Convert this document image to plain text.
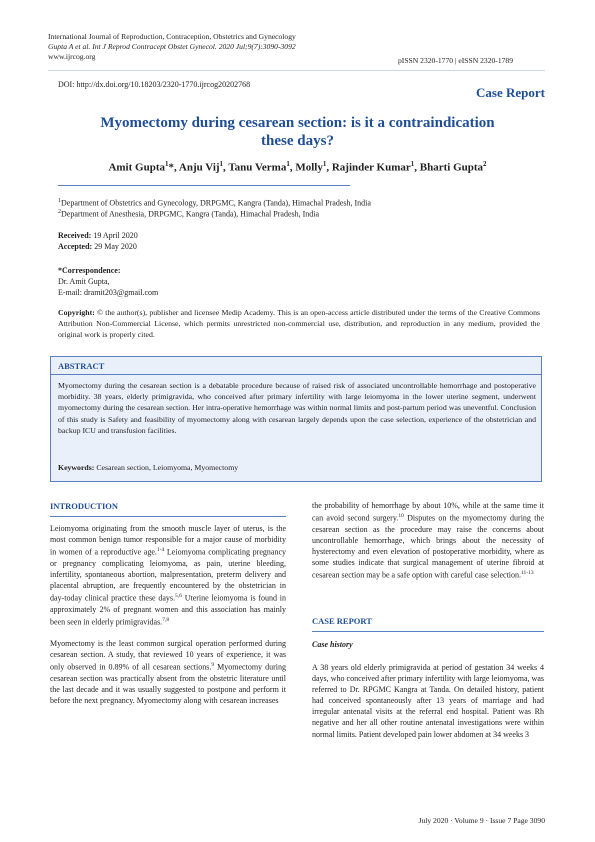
International Journal of Reproduction, Contraception, Obstetrics and Gynecology
Gupta A et al. Int J Reprod Contracept Obstet Gynecol. 2020 Jul;9(7):3090-3092
www.ijrcog.org	pISSN 2320-1770 | eISSN 2320-1789
DOI: http://dx.doi.org/10.18203/2320-1770.ijrcog20202768
Case Report
Myomectomy during cesarean section: is it a contraindication
these days?
Amit Gupta$^1$*, Anju Vij$^1$, Tanu Verma$^1$, Molly$^1$, Rajinder Kumar$^1$, Bharti Gupta$^2$
$^1$Department of Obstetrics and Gynecology, DRPGMC, Kangra (Tanda), Himachal Pradesh, India
$^2$Department of Anesthesia, DRPGMC, Kangra (Tanda), Himachal Pradesh, India
Received: 19 April 2020
Accepted: 29 May 2020
*Correspondence:
Dr. Amit Gupta,
E-mail: dramit203@gmail.com
Copyright: © the author(s), publisher and licensee Medip Academy. This is an open-access article distributed under the terms of the Creative Commons Attribution Non-Commercial License, which permits unrestricted non-commercial use, distribution, and reproduction in any medium, provided the original work is properly cited.
ABSTRACT
Myomectomy during the cesarean section is a debatable procedure because of raised risk of associated uncontrollable hemorrhage and postoperative morbidity. 38 years, elderly primigravida, who conceived after primary infertility with large leiomyoma in the lower uterine segment, underwent myomectomy during the cesarean section. Her intra-operative hemorrhage was within normal limits and post-partum period was uneventful. Conclusion of this study is Safety and feasibility of myomectomy along with cesarean largely depends upon the case selection, experience of the obstetrician and backup ICU and transfusion facilities.
Keywords: Cesarean section, Leiomyoma, Myomectomy
INTRODUCTION

Leiomyoma originating from the smooth muscle layer of uterus, is the most common benign tumor responsible for a major cause of morbidity in women of a reproductive age.$^{1-4}$ Leiomyoma complicating pregnancy or pregnancy complicating leiomyoma, as pain, uterine bleeding, infertility, spontaneous abortion, malpresentation, preterm delivery and placental abruption, are frequently encountered by the obstetrician in day-today clinical practice these days.$^{5,6}$ Uterine leiomyoma is found in approximately 2% of pregnant women and this association has mainly been seen in elderly primigravidas.$^{7,8}$

Myomectomy is the least common surgical operation performed during cesarean section. A study, that reviewed 10 years of experience, it was only observed in 0.89% of all cesarean sections.$^9$ Myomectomy during cesarean section was practically absent from the obstetric literature until the last decade and it was usually suggested to postpone and perform it before the next pregnancy. Myomectomy along with cesarean increases

the probability of hemorrhage by about 10%, while at the same time it can avoid second surgery.$^{10}$ Disputes on the myomectomy during the cesarean section as the procedure may raise the concerns about uncontrollable hemorrhage, which brings about the necessity of hysterectomy and even elevation of postoperative morbidity, where as some studies indicate that surgical management of uterine fibroid at cesarean section may be a safe option with careful case selection.$^{11-13}$

CASE REPORT
Case history
A 38 years old elderly primigravida at period of gestation 34 weeks 4 days, who conceived after primary infertility with large leiomyoma, was referred to Dr. RPGMC Kangra at Tanda. On detailed history, patient had conceived spontaneously after 13 years of marriage and had irregular antenatal visits at the referral end hospital. Patient was Rh negative and her all other routine antenatal investigations were within normal limits. Patient developed pain lower abdomen at 34 weeks 3
July 2020 · Volume 9 · Issue 7 Page 3090
